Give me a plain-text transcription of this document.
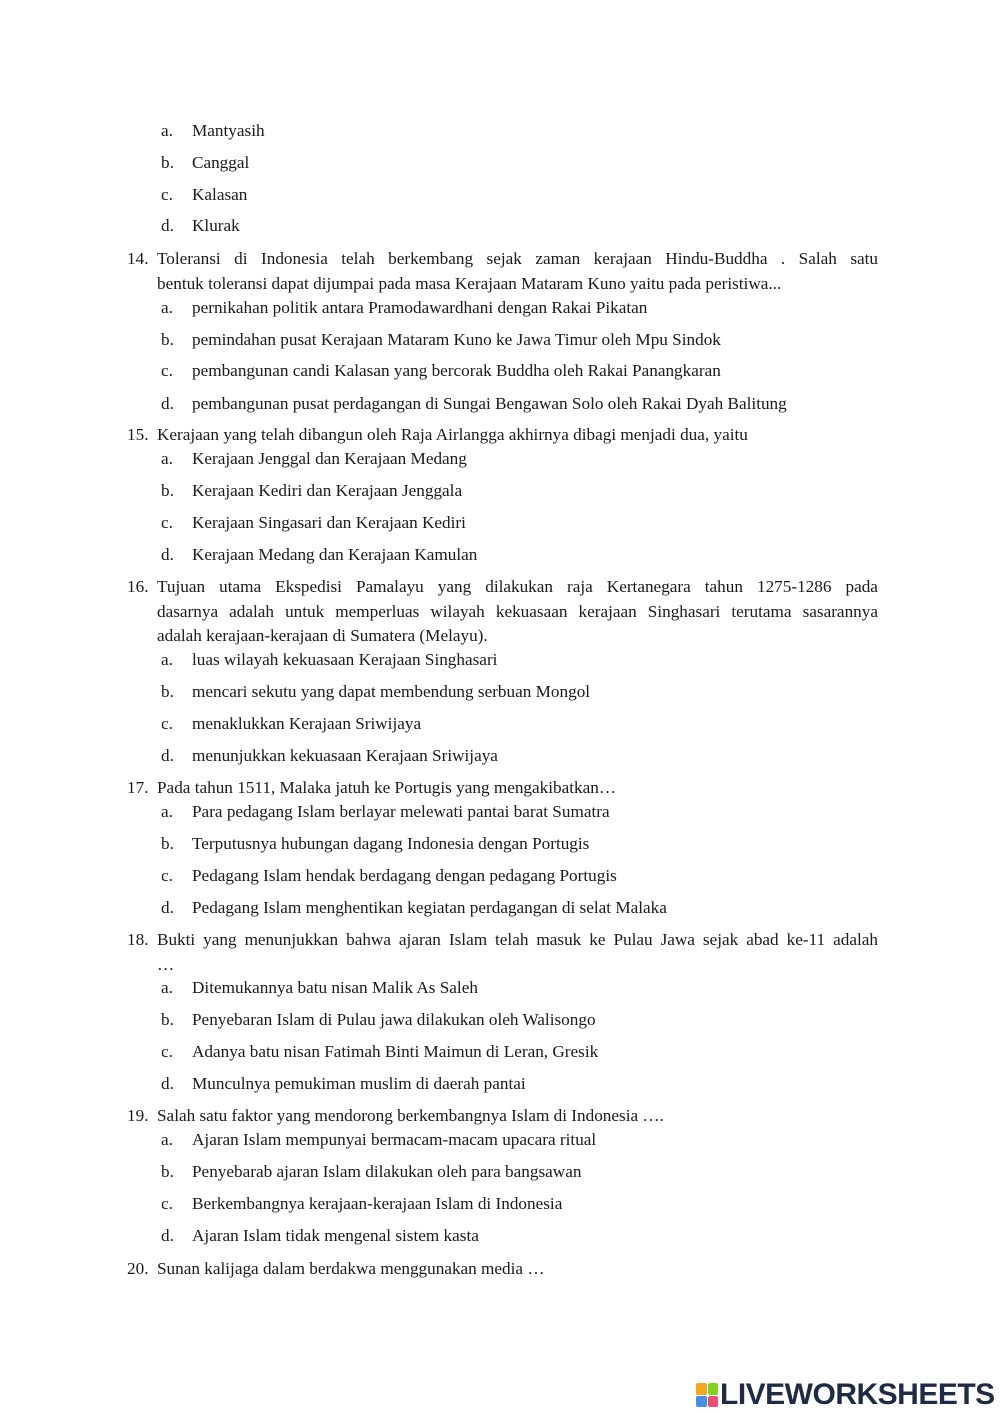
a. Mantyasih
b. Canggal
c. Kalasan
d. Klurak
14. Toleransi di Indonesia telah berkembang sejak zaman kerajaan Hindu-Buddha . Salah satu
bentuk toleransi dapat dijumpai pada masa Kerajaan Mataram Kuno yaitu pada peristiwa...
a. pernikahan politik antara Pramodawardhani dengan Rakai Pikatan
b. pemindahan pusat Kerajaan Mataram Kuno ke Jawa Timur oleh Mpu Sindok
c. pembangunan candi Kalasan yang bercorak Buddha oleh Rakai Panangkaran
d. pembangunan pusat perdagangan di Sungai Bengawan Solo oleh Rakai Dyah Balitung
15. Kerajaan yang telah dibangun oleh Raja Airlangga akhirnya dibagi menjadi dua, yaitu
a. Kerajaan Jenggal dan Kerajaan Medang
b. Kerajaan Kediri dan Kerajaan Jenggala
c. Kerajaan Singasari dan Kerajaan Kediri
d. Kerajaan Medang dan Kerajaan Kamulan
16. Tujuan utama Ekspedisi Pamalayu yang dilakukan raja Kertanegara tahun 1275-1286 pada
dasarnya adalah untuk memperluas wilayah kekuasaan kerajaan Singhasari terutama sasarannya
adalah kerajaan-kerajaan di Sumatera (Melayu).
a. luas wilayah kekuasaan Kerajaan Singhasari
b. mencari sekutu yang dapat membendung serbuan Mongol
c. menaklukkan Kerajaan Sriwijaya
d. menunjukkan kekuasaan Kerajaan Sriwijaya
17. Pada tahun 1511, Malaka jatuh ke Portugis yang mengakibatkan…
a. Para pedagang Islam berlayar melewati pantai barat Sumatra
b. Terputusnya hubungan dagang Indonesia dengan Portugis
c. Pedagang Islam hendak berdagang dengan pedagang Portugis
d. Pedagang Islam menghentikan kegiatan perdagangan di selat Malaka
18. Bukti yang menunjukkan bahwa ajaran Islam telah masuk ke Pulau Jawa sejak abad ke-11 adalah
…
a. Ditemukannya batu nisan Malik As Saleh
b. Penyebaran Islam di Pulau jawa dilakukan oleh Walisongo
c. Adanya batu nisan Fatimah Binti Maimun di Leran, Gresik
d. Munculnya pemukiman muslim di daerah pantai
19. Salah satu faktor yang mendorong berkembangnya Islam di Indonesia ….
a. Ajaran Islam mempunyai bermacam-macam upacara ritual
b. Penyebarab ajaran Islam dilakukan oleh para bangsawan
c. Berkembangnya kerajaan-kerajaan Islam di Indonesia
d. Ajaran Islam tidak mengenal sistem kasta
20. Sunan kalijaga dalam berdakwa menggunakan media …
LIVEWORKSHEETS
